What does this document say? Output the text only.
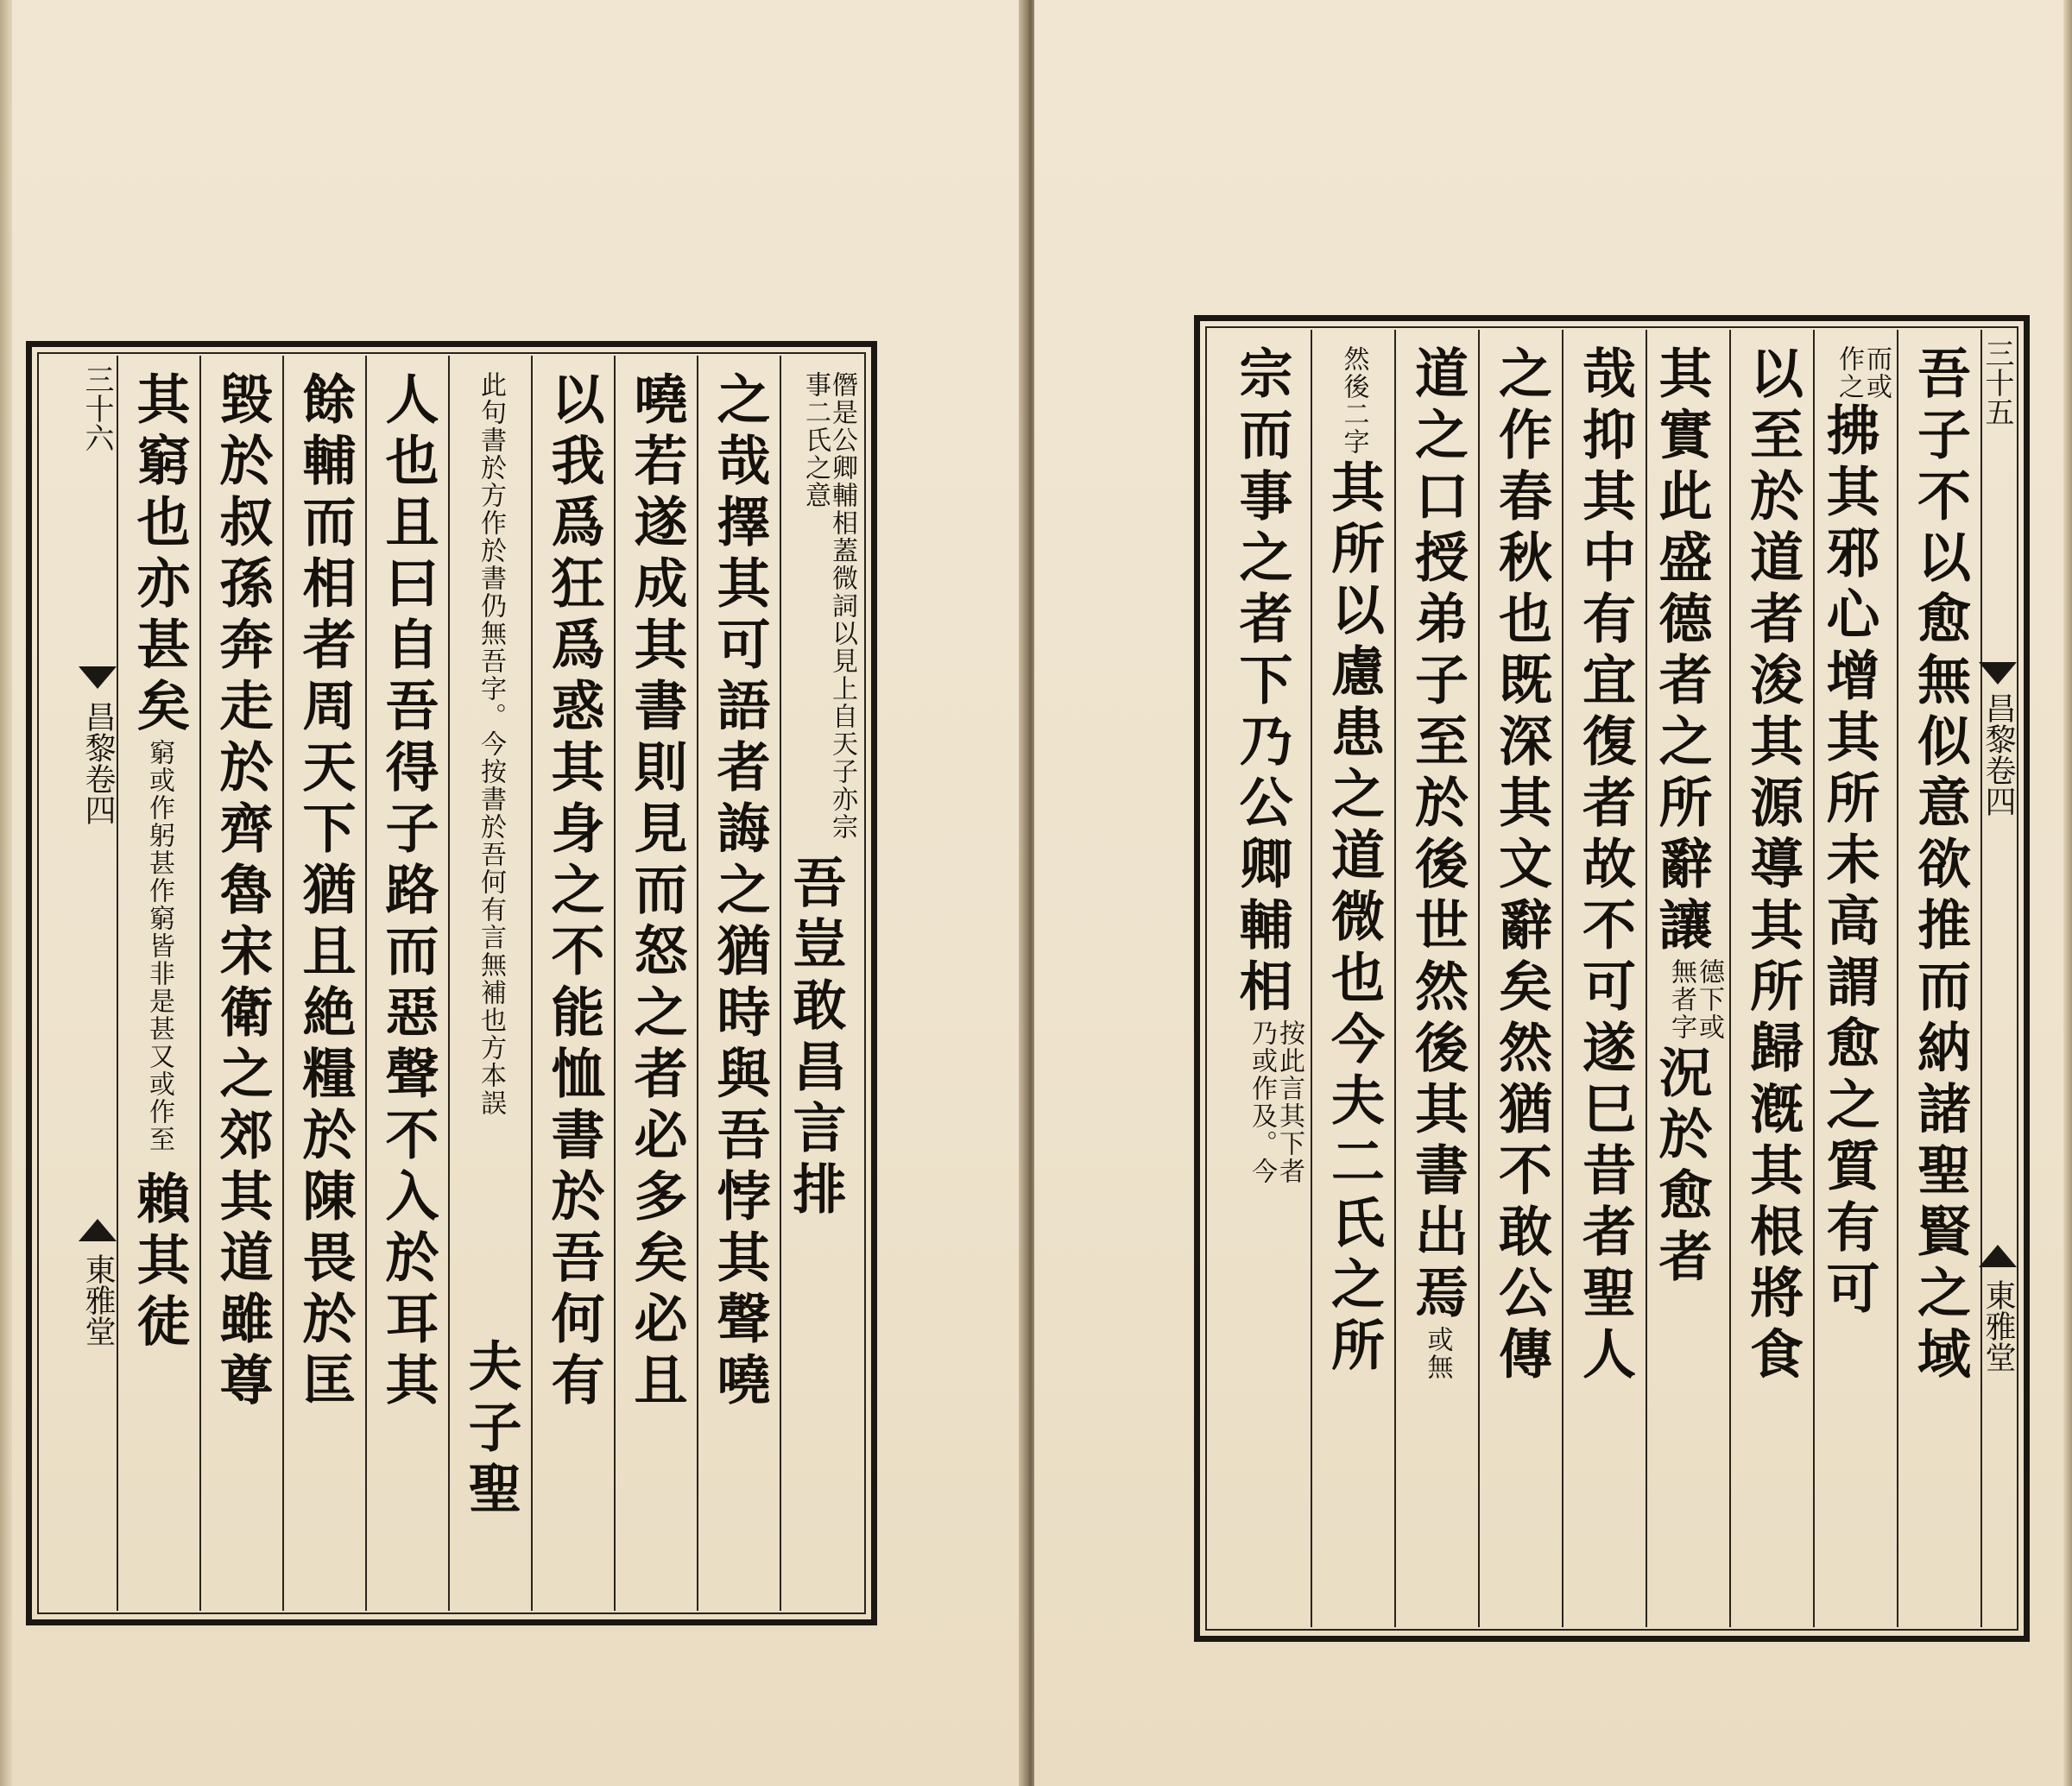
僭是公卿輔相蓋微詞以見上自天子亦宗事二氏之意吾豈敢昌言排
之哉擇其可語者誨之猶時與吾悖其聲嘵
嘵若遂成其書則見而怒之者必多矣必且
以我爲狂爲惑其身之不能恤書於吾何有
此句書於方作於書仍無吾字。今按書於吾何有言無補也方本誤夫子聖
人也且曰自吾得子路而惡聲不入於耳其
餘輔而相者周天下猶且絶糧於陳畏於匡
毀於叔孫奔走於齊魯宋衛之郊其道雖尊
其窮也亦甚矣窮或作躬甚作窮皆非是甚又或作至賴其徒
三十六
昌黎卷四
東雅堂
三十五
昌黎卷四
東雅堂
吾子不以愈無似意欲推而納諸聖賢之域
而或作之拂其邪心增其所未高謂愈之質有可
以至於道者浚其源導其所歸漑其根將食
其實此盛德者之所辭讓德下或無者字況於愈者
哉抑其中有宜復者故不可遂巳昔者聖人
之作春秋也既深其文辭矣然猶不敢公傳
道之口授弟子至於後世然後其書出焉或無
然後二字其所以慮患之道微也今夫二氏之所
宗而事之者下乃公卿輔相按此言其下者乃或作及。今
